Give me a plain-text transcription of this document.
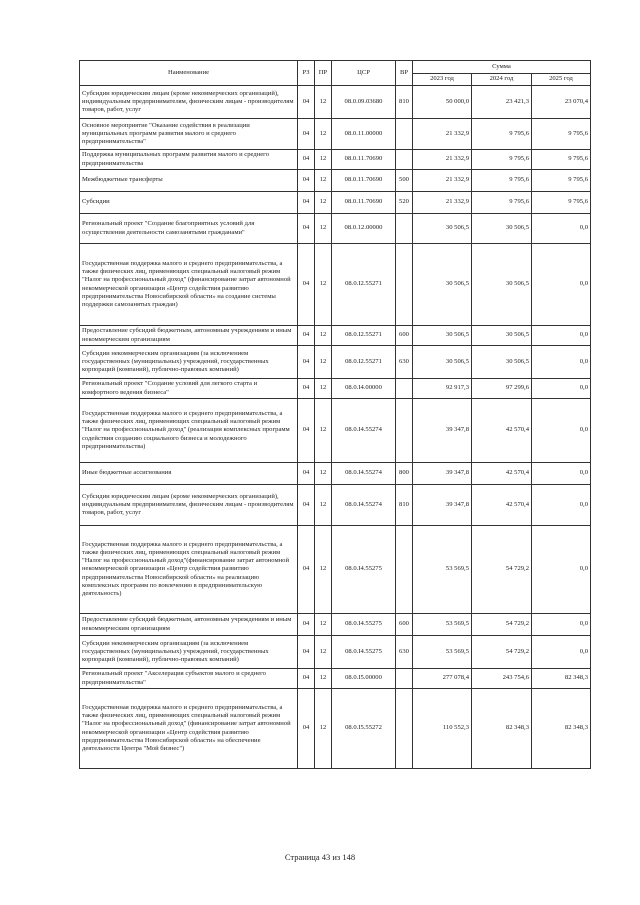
Наименование	РЗ	ПР	ЦСР	ВР	Сумма		
					2023 год	2024 год	2025 год
Субсидии юридическим лицам (кроме некоммерческих организаций), индивидуальным предпринимателям, физическим лицам - производителям товаров, работ, услуг	04	12	08.0.09.03680	810	50 000,0	23 421,3	23 070,4
Основное мероприятие "Оказание содействия в реализации муниципальных программ развития малого и среднего предпринимательства"	04	12	08.0.11.00000		21 332,9	9 795,6	9 795,6
Поддержка муниципальных программ развития малого и среднего предпринимательства	04	12	08.0.11.70690		21 332,9	9 795,6	9 795,6
Межбюджетные трансферты	04	12	08.0.11.70690	500	21 332,9	9 795,6	9 795,6
Субсидии	04	12	08.0.11.70690	520	21 332,9	9 795,6	9 795,6
Региональный проект "Создание благоприятных условий для осуществления деятельности самозанятыми гражданами"	04	12	08.0.12.00000		30 506,5	30 506,5	0,0
Государственная поддержка малого и среднего предпринимательства, а также физических лиц, применяющих специальный налоговый режим "Налог на профессиональный доход" (финансирование затрат автономной некоммерческой организации «Центр содействия развитию предпринимательства Новосибирской области» на создание системы поддержки самозанятых граждан)	04	12	08.0.I2.55271		30 506,5	30 506,5	0,0
Предоставление субсидий бюджетным, автономным учреждениям и иным некоммерческим организациям	04	12	08.0.I2.55271	600	30 506,5	30 506,5	0,0
Субсидии некоммерческим организациям (за исключением государственных (муниципальных) учреждений, государственных корпораций (компаний), публично-правовых компаний)	04	12	08.0.I2.55271	630	30 506,5	30 506,5	0,0
Региональный проект "Создание условий для легкого старта и комфортного ведения бизнеса"	04	12	08.0.I4.00000		92 917,3	97 299,6	0,0
Государственная поддержка малого и среднего предпринимательства, а также физических лиц, применяющих специальный налоговый режим "Налог на профессиональный доход" (реализация комплексных программ содействия созданию социального бизнеса и молодежного предпринимательства)	04	12	08.0.I4.55274		39 347,8	42 570,4	0,0
Иные бюджетные ассигнования	04	12	08.0.I4.55274	800	39 347,8	42 570,4	0,0
Субсидии юридическим лицам (кроме некоммерческих организаций), индивидуальным предпринимателям, физическим лицам - производителям товаров, работ, услуг	04	12	08.0.I4.55274	810	39 347,8	42 570,4	0,0
Государственная поддержка малого и среднего предпринимательства, а также физических лиц, применяющих специальный налоговый режим "Налог на профессиональный доход"(финансирование затрат автономной некоммерческой организации «Центр содействия развитию предпринимательства Новосибирской области» на реализацию комплексных программ по вовлечению в предпринимательскую деятельность)	04	12	08.0.I4.55275		53 569,5	54 729,2	0,0
Предоставление субсидий бюджетным, автономным учреждениям и иным некоммерческим организациям	04	12	08.0.I4.55275	600	53 569,5	54 729,2	0,0
Субсидии некоммерческим организациям (за исключением государственных (муниципальных) учреждений, государственных корпораций (компаний), публично-правовых компаний)	04	12	08.0.I4.55275	630	53 569,5	54 729,2	0,0
Региональный проект "Акселерация субъектов малого и среднего предпринимательства"	04	12	08.0.I5.00000		277 078,4	243 754,6	82 348,3
Государственная поддержка малого и среднего предпринимательства, а также физических лиц, применяющих специальный налоговый режим "Налог на профессиональный доход" (финансирование затрат автономной некоммерческой организации «Центр содействия развитию предпринимательства Новосибирской области» на обеспечение деятельности Центра "Мой бизнес")	04	12	08.0.I5.55272		110 552,3	82 348,3	82 348,3
Страница 43 из 148
